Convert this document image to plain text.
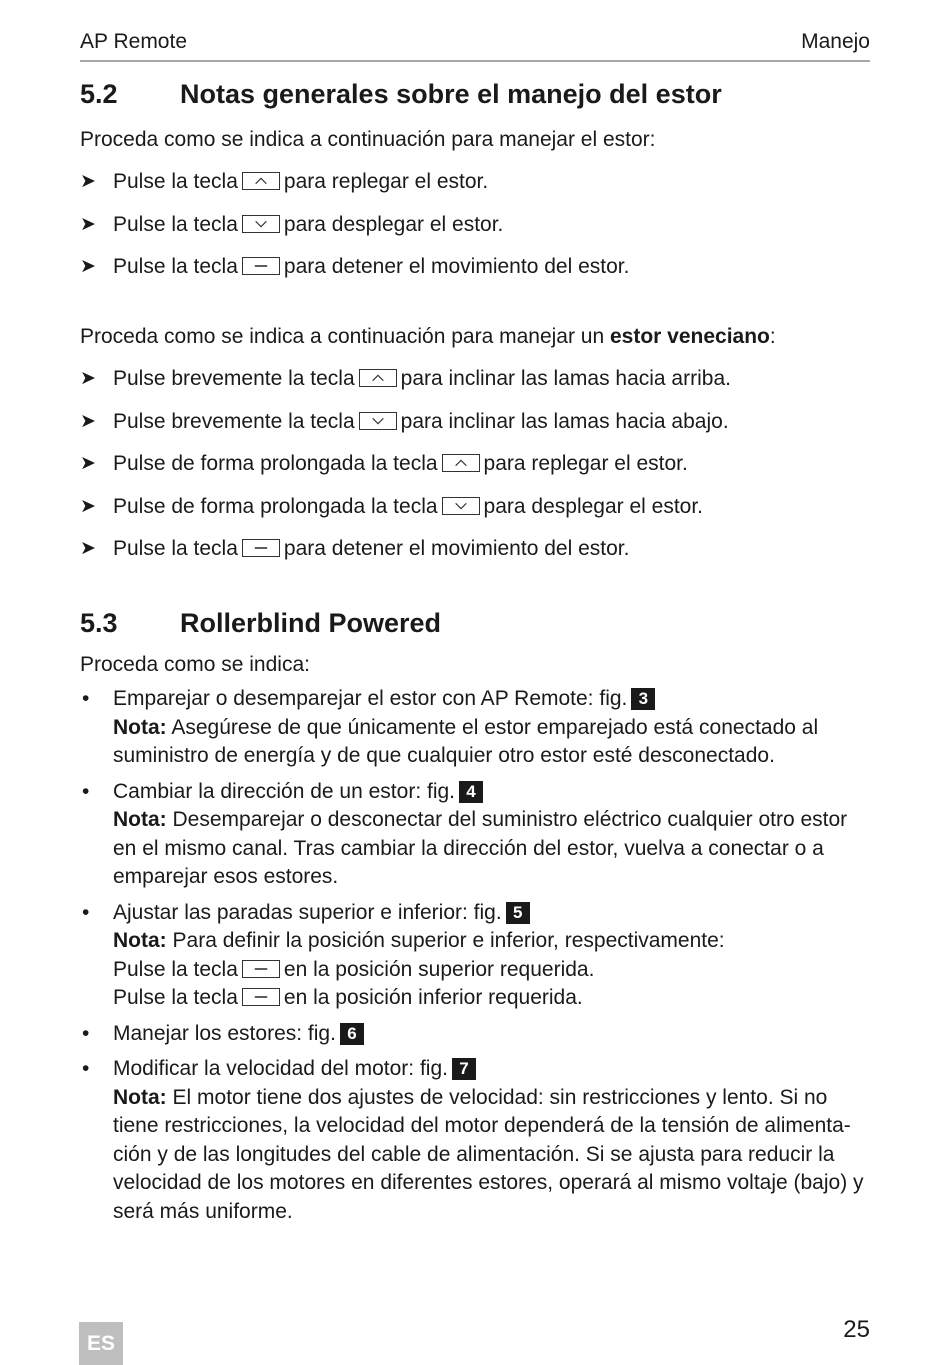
AP Remote	Manejo
5.2	Notas generales sobre el manejo del estor

Proceda como se indica a continuación para manejar el estor:

➤ Pulse la tecla para replegar el estor.
➤ Pulse la tecla para desplegar el estor.
➤ Pulse la tecla para detener el movimiento del estor.

Proceda como se indica a continuación para manejar un estor veneciano:

➤ Pulse brevemente la tecla para inclinar las lamas hacia arriba.
➤ Pulse brevemente la tecla para inclinar las lamas hacia abajo.
➤ Pulse de forma prolongada la tecla para replegar el estor.
➤ Pulse de forma prolongada la tecla para desplegar el estor.
➤ Pulse la tecla para detener el movimiento del estor.
5.3	Rollerblind Powered

Proceda como se indica:

• Emparejar o desemparejar el estor con AP Remote: fig. 3
Nota: Asegúrese de que únicamente el estor emparejado está conectado al suministro de energía y de que cualquier otro estor esté desconectado.
• Cambiar la dirección de un estor: fig. 4
Nota: Desemparejar o desconectar del suministro eléctrico cualquier otro estor en el mismo canal. Tras cambiar la dirección del estor, vuelva a conectar o a emparejar esos estores.
• Ajustar las paradas superior e inferior: fig. 5
Nota: Para definir la posición superior e inferior, respectivamente:
Pulse la tecla en la posición superior requerida.
Pulse la tecla en la posición inferior requerida.
• Manejar los estores: fig. 6
• Modificar la velocidad del motor: fig. 7
Nota: El motor tiene dos ajustes de velocidad: sin restricciones y lento. Si no tiene restricciones, la velocidad del motor dependerá de la tensión de alimenta-ción y de las longitudes del cable de alimentación. Si se ajusta para reducir la velocidad de los motores en diferentes estores, operará al mismo voltaje (bajo) y será más uniforme.
ES
25
